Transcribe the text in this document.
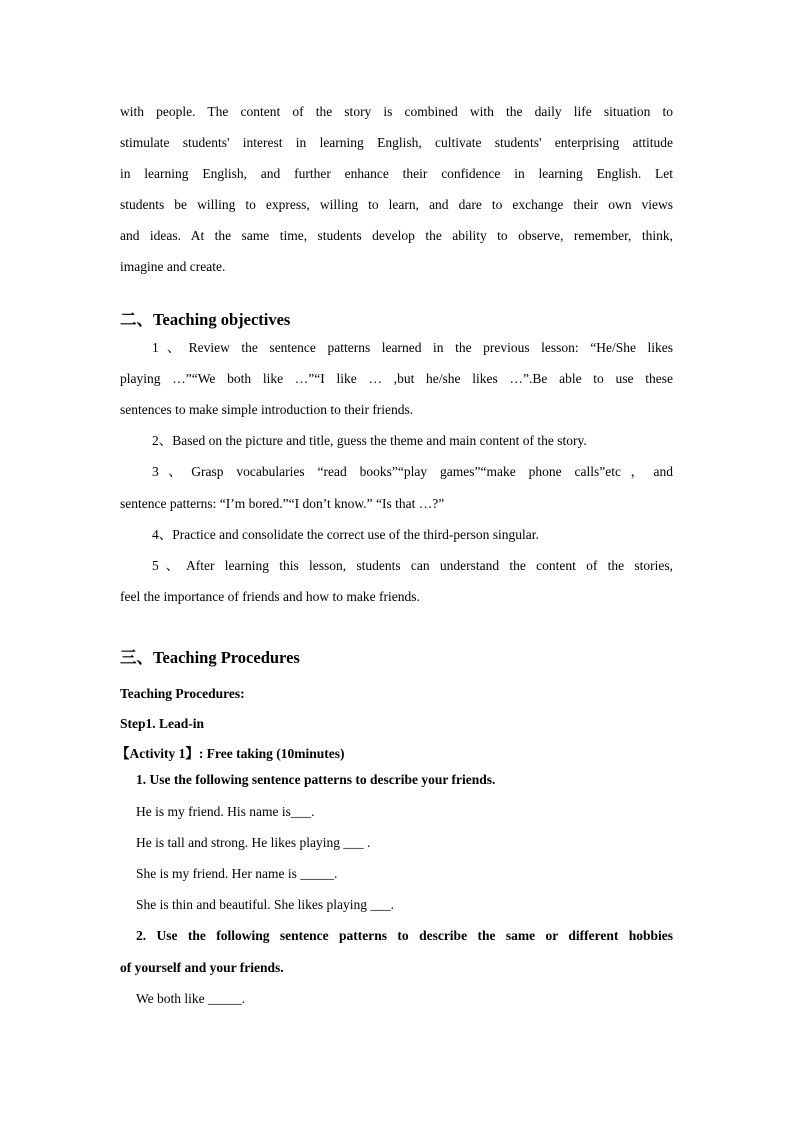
with people. The content of the story is combined with the daily life situation to
stimulate students' interest in learning English, cultivate students' enterprising attitude
in learning English, and further enhance their confidence in learning English. Let
students be willing to express, willing to learn, and dare to exchange their own views
and ideas. At the same time, students develop the ability to observe, remember, think,
imagine and create.
二、Teaching objectives
1、Review the sentence patterns learned in the previous lesson: “He/She likes
playing …”“We both like …”“I like … ,but he/she likes …”.Be able to use these
sentences to make simple introduction to their friends.
2、Based on the picture and title, guess the theme and main content of the story.
3、Grasp vocabularies “read books”“play games”“make phone calls”etc，and
sentence patterns: “I’m bored.”“I don’t know.” “Is that …?”
4、Practice and consolidate the correct use of the third-person singular.
5、After learning this lesson, students can understand the content of the stories,
feel the importance of friends and how to make friends.
三、Teaching Procedures
Teaching Procedures:
Step1. Lead-in
【Activity 1】: Free taking (10minutes)
1. Use the following sentence patterns to describe your friends.
He is my friend. His name is___.
He is tall and strong. He likes playing ___ .
She is my friend. Her name is _____.
She is thin and beautiful. She likes playing ___.
2. Use the following sentence patterns to describe the same or different hobbies
of yourself and your friends.
We both like _____.
